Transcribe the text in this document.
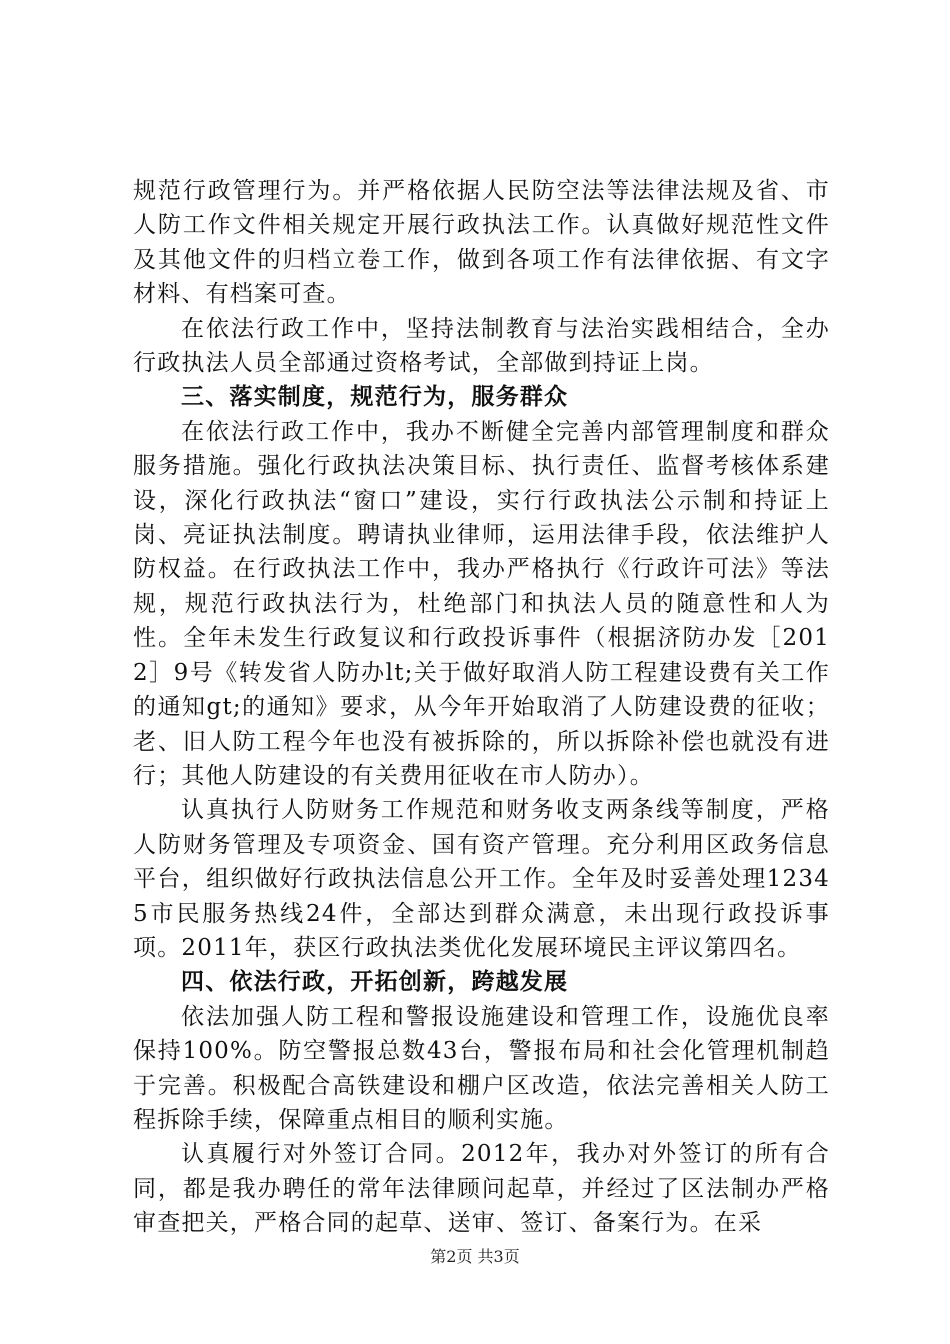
规范行政管理行为。并严格依据人民防空法等法律法规及省、市人防工作文件相关规定开展行政执法工作。认真做好规范性文件及其他文件的归档立卷工作，做到各项工作有法律依据、有文字材料、有档案可查。

在依法行政工作中，坚持法制教育与法治实践相结合，全办行政执法人员全部通过资格考试，全部做到持证上岗。

三、落实制度，规范行为，服务群众

在依法行政工作中，我办不断健全完善内部管理制度和群众服务措施。强化行政执法决策目标、执行责任、监督考核体系建设，深化行政执法“窗口”建设，实行行政执法公示制和持证上岗、亮证执法制度。聘请执业律师，运用法律手段，依法维护人防权益。在行政执法工作中，我办严格执行《行政许可法》等法规，规范行政执法行为，杜绝部门和执法人员的随意性和人为性。全年未发生行政复议和行政投诉事件（根据济防办发［2012］9号《转发省人防办lt;关于做好取消人防工程建设费有关工作的通知gt;的通知》要求，从今年开始取消了人防建设费的征收；老、旧人防工程今年也没有被拆除的，所以拆除补偿也就没有进行；其他人防建设的有关费用征收在市人防办）。

认真执行人防财务工作规范和财务收支两条线等制度，严格人防财务管理及专项资金、国有资产管理。充分利用区政务信息平台，组织做好行政执法信息公开工作。全年及时妥善处理12345市民服务热线24件，全部达到群众满意，未出现行政投诉事项。2011年，获区行政执法类优化发展环境民主评议第四名。

四、依法行政，开拓创新，跨越发展

依法加强人防工程和警报设施建设和管理工作，设施优良率保持100%。防空警报总数43台，警报布局和社会化管理机制趋于完善。积极配合高铁建设和棚户区改造，依法完善相关人防工程拆除手续，保障重点相目的顺利实施。

认真履行对外签订合同。2012年，我办对外签订的所有合同，都是我办聘任的常年法律顾问起草，并经过了区法制办严格审查把关，严格合同的起草、送审、签订、备案行为。在采

第2页 共3页
